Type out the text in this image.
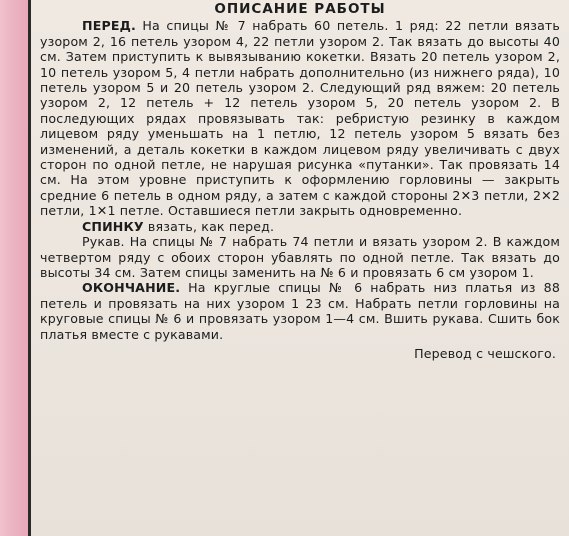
ОПИСАНИЕ РАБОТЫ

ПЕРЕД. На спицы № 7 набрать 60 петель. 1 ряд: 22 петли вязать узором 2, 16 петель узором 4, 22 петли узором 2. Так вязать до высоты 40 см. Затем приступить к вывязыванию кокетки. Вязать 20 петель узором 2, 10 петель узором 5, 4 петли набрать дополнительно (из нижнего ряда), 10 петель узором 5 и 20 петель узором 2. Следующий ряд вяжем: 20 петель узором 2, 12 петель + 12 петель узором 5, 20 петель узором 2. В последующих рядах провязывать так: ребристую резинку в каждом лицевом ряду уменьшать на 1 петлю, 12 петель узором 5 вязать без изменений, а деталь кокетки в каждом лицевом ряду увеличивать с двух сторон по одной петле, не нарушая рисунка «путанки». Так провязать 14 см. На этом уровне приступить к оформлению горловины — закрыть средние 6 петель в одном ряду, а затем с каждой стороны 2✕3 петли, 2✕2 петли, 1✕1 петле. Оставшиеся петли закрыть одновременно.

СПИНКУ вязать, как перед.

Рукав. На спицы № 7 набрать 74 петли и вязать узором 2. В каждом четвертом ряду с обоих сторон убавлять по одной петле. Так вязать до высоты 34 см. Затем спицы заменить на № 6 и провязать 6 см узором 1.

ОКОНЧАНИЕ. На круглые спицы № 6 набрать низ платья из 88 петель и провязать на них узором 1 23 см. Набрать петли горловины на круговые спицы № 6 и провязать узором 1—4 см. Вшить рукава. Сшить бок платья вместе с рукавами.

Перевод с чешского.
